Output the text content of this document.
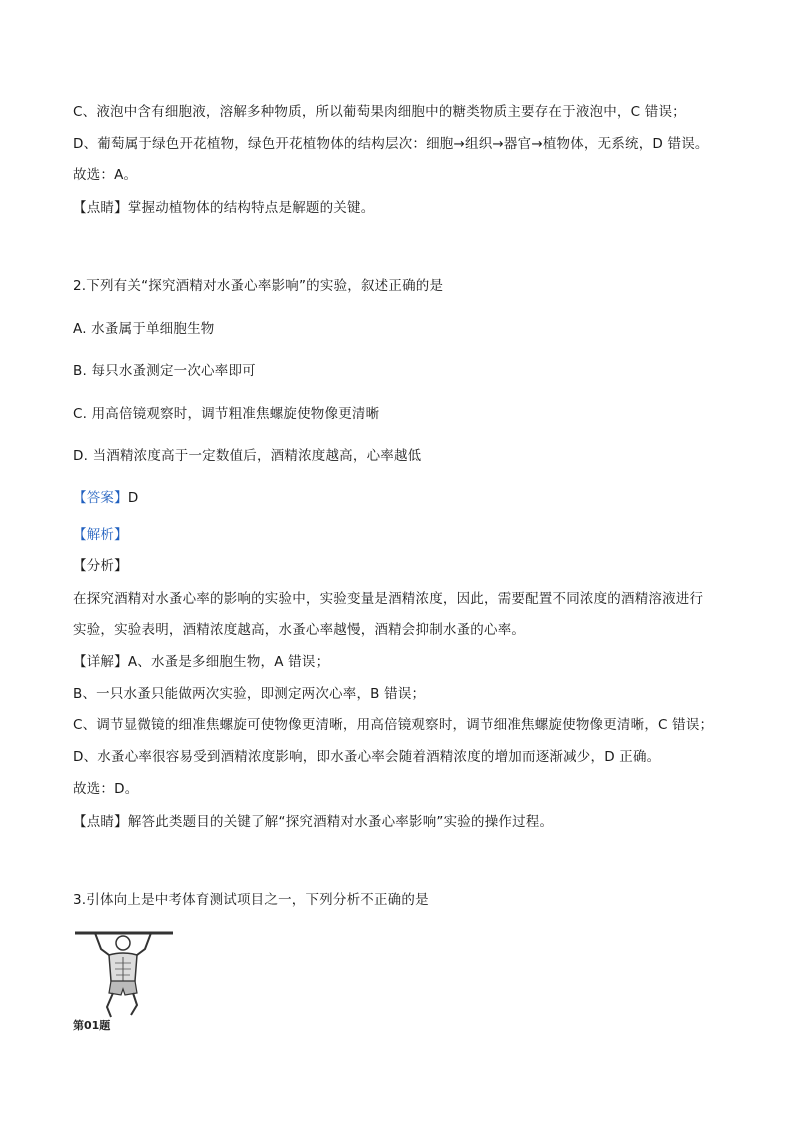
C、液泡中含有细胞液，溶解多种物质，所以葡萄果肉细胞中的糖类物质主要存在于液泡中，C 错误；
D、葡萄属于绿色开花植物，绿色开花植物体的结构层次：细胞→组织→器官→植物体，无系统，D 错误。
故选：A。
【点睛】掌握动植物体的结构特点是解题的关键。
2.下列有关“探究酒精对水蚤心率影响”的实验，叙述正确的是
A. 水蚤属于单细胞生物
B. 每只水蚤测定一次心率即可
C. 用高倍镜观察时，调节粗准焦螺旋使物像更清晰
D. 当酒精浓度高于一定数值后，酒精浓度越高，心率越低
【答案】D
【解析】
【分析】
在探究酒精对水蚤心率的影响的实验中，实验变量是酒精浓度，因此，需要配置不同浓度的酒精溶液进行
实验，实验表明，酒精浓度越高，水蚤心率越慢，酒精会抑制水蚤的心率。
【详解】A、水蚤是多细胞生物，A 错误；
B、一只水蚤只能做两次实验，即测定两次心率，B 错误；
C、调节显微镜的细准焦螺旋可使物像更清晰，用高倍镜观察时，调节细准焦螺旋使物像更清晰，C 错误；
D、水蚤心率很容易受到酒精浓度影响，即水蚤心率会随着酒精浓度的增加而逐渐减少，D 正确。
故选：D。
【点睛】解答此类题目的关键了解“探究酒精对水蚤心率影响”实验的操作过程。
3.引体向上是中考体育测试项目之一，下列分析不正确的是
第01题
